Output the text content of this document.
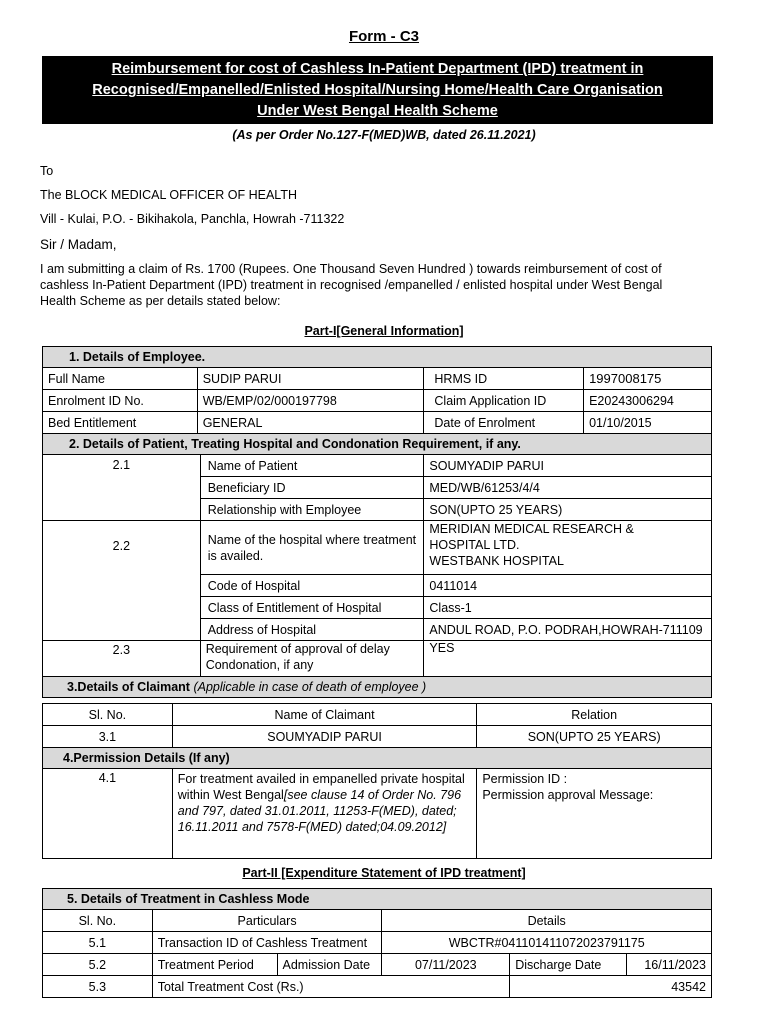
Form - C3
Reimbursement for cost of Cashless In-Patient Department (IPD) treatment in
Recognised/Empanelled/Enlisted Hospital/Nursing Home/Health Care Organisation
Under West Bengal Health Scheme
(As per Order No.127-F(MED)WB, dated 26.11.2021)
To
The BLOCK MEDICAL OFFICER OF HEALTH
Vill - Kulai, P.O. - Bikihakola, Panchla, Howrah -711322
Sir / Madam,
I am submitting a claim of Rs. 1700 (Rupees. One Thousand Seven Hundred ) towards reimbursement of cost of cashless In-Patient Department (IPD) treatment in recognised /empanelled / enlisted hospital under West Bengal Health Scheme as per details stated below:
Part-I[General Information]
1. Details of Employee.				
Full Name	SUDIP PARUI		HRMS ID	1997008175
Enrolment ID No.	WB/EMP/02/000197798		Claim Application ID	E20243006294
Bed Entitlement	GENERAL		Date of Enrolment	01/10/2015
2. Details of Patient, Treating Hospital and Condonation Requirement, if any.				
2.1		Name of Patient	SOUMYADIP PARUI	
		Beneficiary ID	MED/WB/61253/4/4	
		Relationship with Employee	SON(UPTO 25 YEARS)	
2.2		Name of the hospital where treatment is availed.	MERIDIAN MEDICAL RESEARCH &
HOSPITAL LTD.
WESTBANK HOSPITAL	

		Code of Hospital	0411014	
		Class of Entitlement of Hospital	Class-1	
		Address of Hospital	ANDUL ROAD, P.O. PODRAH,HOWRAH-711109	
2.3		Requirement of approval of delay Condonation, if any	YES	
3.Details of Claimant (Applicable in case of death of employee )				
Sl. No.	Name of Claimant	Relation
3.1	SOUMYADIP PARUI	SON(UPTO 25 YEARS)
4.Permission Details (If any)		
4.1	For treatment availed in empanelled private hospital within West Bengal[see clause 14 of Order No. 796 and 797, dated 31.01.2011, 11253-F(MED), dated; 16.11.2011 and 7578-F(MED) dated;04.09.2012]	Permission ID :
Permission approval Message:
Part-II [Expenditure Statement of IPD treatment]
5. Details of Treatment in Cashless Mode					
Sl. No.	Particulars		Details		
5.1	Transaction ID of Cashless Treatment		WBCTR#041101411072023791175		
5.2	Treatment Period	Admission Date	07/11/2023	Discharge Date	16/11/2023
5.3	Total Treatment Cost (Rs.)			43542	
